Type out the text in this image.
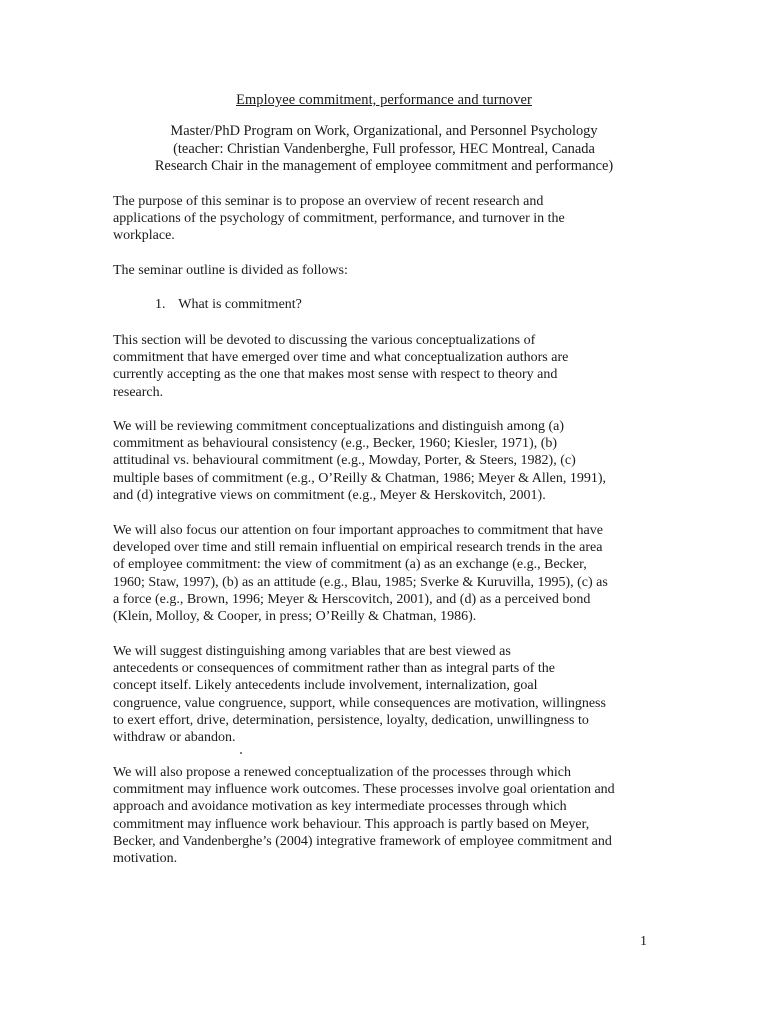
Employee commitment, performance and turnover
Master/PhD Program on Work, Organizational, and Personnel Psychology
(teacher: Christian Vandenberghe, Full professor, HEC Montreal, Canada
Research Chair in the management of employee commitment and performance)
The purpose of this seminar is to propose an overview of recent research and
applications of the psychology of commitment, performance, and turnover in the
workplace.
The seminar outline is divided as follows:
1. What is commitment?
This section will be devoted to discussing the various conceptualizations of
commitment that have emerged over time and what conceptualization authors are
currently accepting as the one that makes most sense with respect to theory and
research.
We will be reviewing commitment conceptualizations and distinguish among (a)
commitment as behavioural consistency (e.g., Becker, 1960; Kiesler, 1971), (b)
attitudinal vs. behavioural commitment (e.g., Mowday, Porter, & Steers, 1982), (c)
multiple bases of commitment (e.g., O’Reilly & Chatman, 1986; Meyer & Allen, 1991),
and (d) integrative views on commitment (e.g., Meyer & Herskovitch, 2001).
We will also focus our attention on four important approaches to commitment that have
developed over time and still remain influential on empirical research trends in the area
of employee commitment: the view of commitment (a) as an exchange (e.g., Becker,
1960; Staw, 1997), (b) as an attitude (e.g., Blau, 1985; Sverke & Kuruvilla, 1995), (c) as
a force (e.g., Brown, 1996; Meyer & Herscovitch, 2001), and (d) as a perceived bond
(Klein, Molloy, & Cooper, in press; O’Reilly & Chatman, 1986).
We will suggest distinguishing among variables that are best viewed as
antecedents or consequences of commitment rather than as integral parts of the
concept itself. Likely antecedents include involvement, internalization, goal
congruence, value congruence, support, while consequences are motivation, willingness
to exert effort, drive, determination, persistence, loyalty, dedication, unwillingness to
withdraw or abandon.
We will also propose a renewed conceptualization of the processes through which
commitment may influence work outcomes. These processes involve goal orientation and
approach and avoidance motivation as key intermediate processes through which
commitment may influence work behaviour. This approach is partly based on Meyer,
Becker, and Vandenberghe’s (2004) integrative framework of employee commitment and
motivation.
1
